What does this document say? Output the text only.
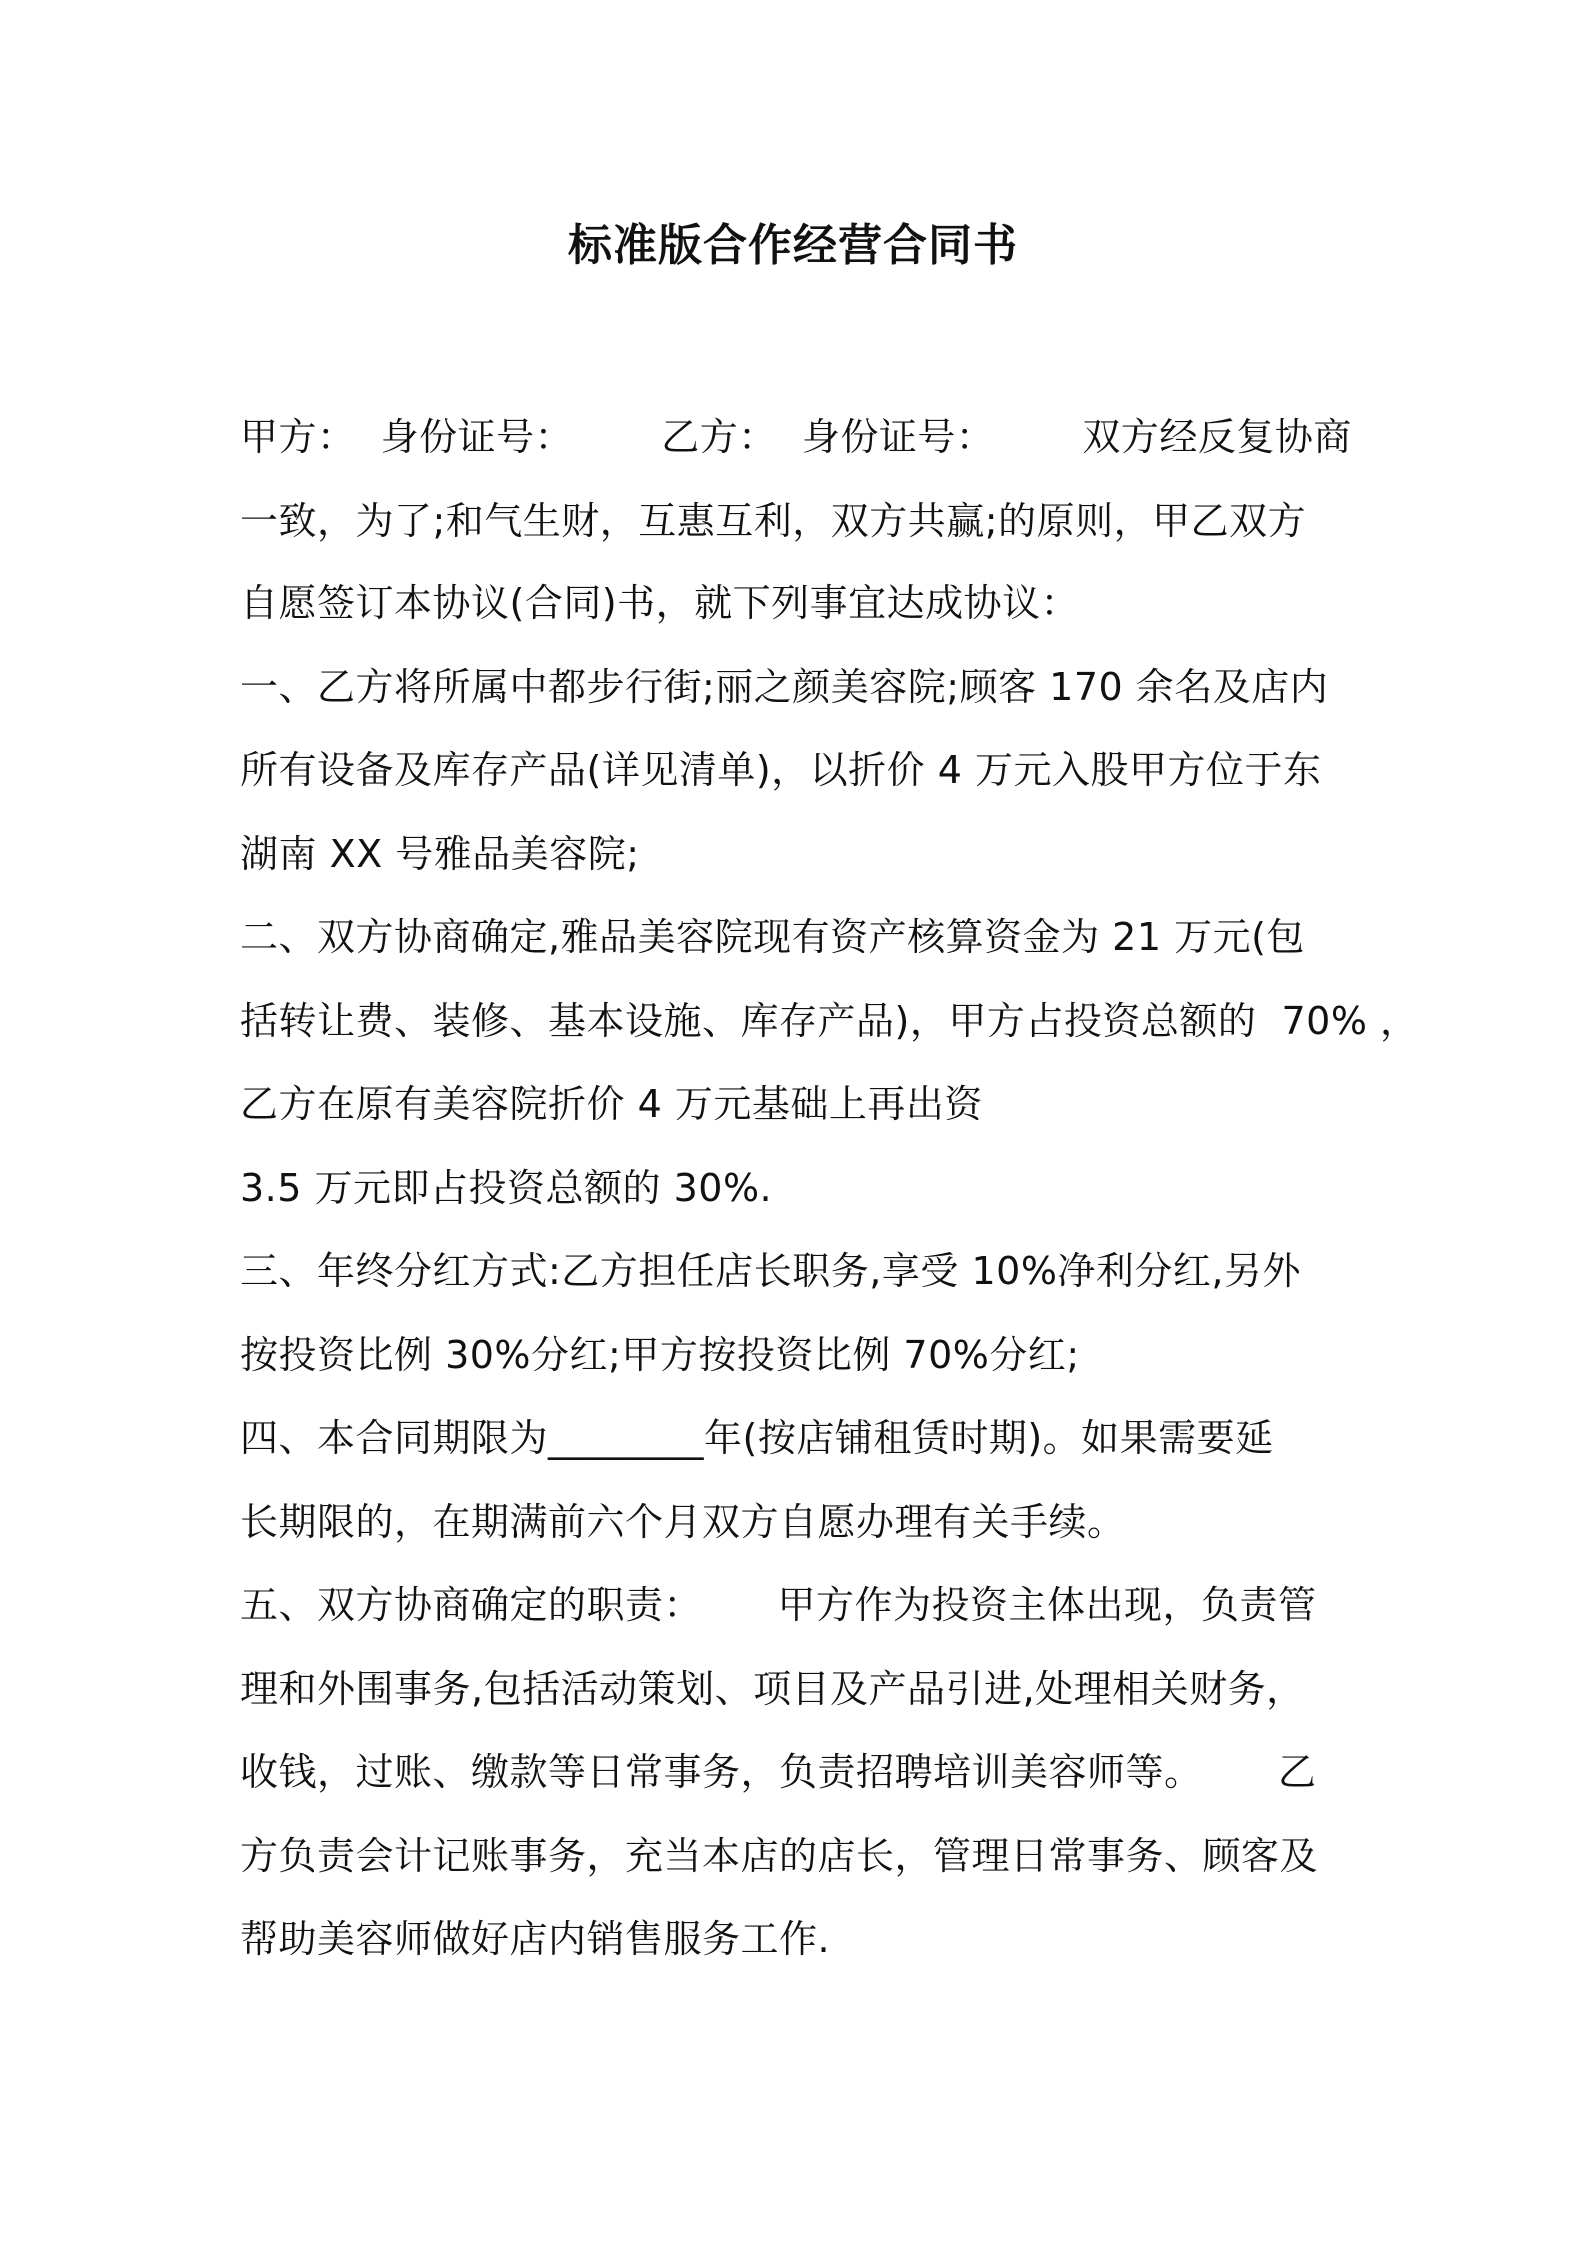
标准版合作经营合同书
甲方：  身份证号：       乙方：  身份证号：       双方经反复协商
一致，为了;和气生财，互惠互利，双方共赢;的原则，甲乙双方
自愿签订本协议(合同)书，就下列事宜达成协议：
一、乙方将所属中都步行街;丽之颜美容院;顾客 170 余名及店内
所有设备及库存产品(详见清单)，以折价 4 万元入股甲方位于东
湖南 XX 号雅品美容院;
二、双方协商确定,雅品美容院现有资产核算资金为 21 万元(包
括转让费、装修、基本设施、库存产品)，甲方占投资总额的  70% ，
乙方在原有美容院折价 4 万元基础上再出资
3.5 万元即占投资总额的 30%.
三、年终分红方式:乙方担任店长职务,享受 10%净利分红,另外
按投资比例 30%分红;甲方按投资比例 70%分红;
四、本合同期限为________年(按店铺租赁时期)。如果需要延
长期限的，在期满前六个月双方自愿办理有关手续。
五、双方协商确定的职责：      甲方作为投资主体出现，负责管
理和外围事务,包括活动策划、项目及产品引进,处理相关财务，
收钱，过账、缴款等日常事务，负责招聘培训美容师等。      乙
方负责会计记账事务，充当本店的店长，管理日常事务、顾客及
帮助美容师做好店内销售服务工作.
